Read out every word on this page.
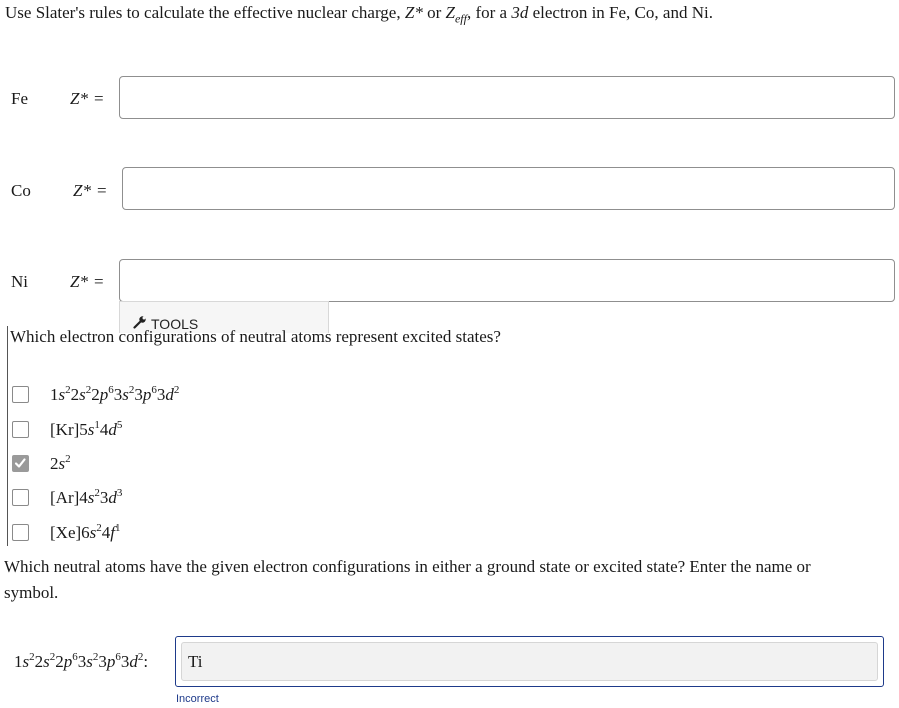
Use Slater's rules to calculate the effective nuclear charge, Z* or $Z_{eff}$, for a 3d electron in Fe, Co, and Ni.
Fe Z* =
Co Z* =
Ni Z* =
TOOLS
Which electron configurations of neutral atoms represent excited states?
$1s^22s^22p^63s^23p^63d^2$
$[Kr]5s^14d^5$
$2s^2$
$[Ar]4s^23d^3$
$[Xe]6s^24f^1$
Which neutral atoms have the given electron configurations in either a ground state or excited state? Enter the name or symbol.
$1s^22s^22p^63s^23p^63d^2$:	Ti
Incorrect
